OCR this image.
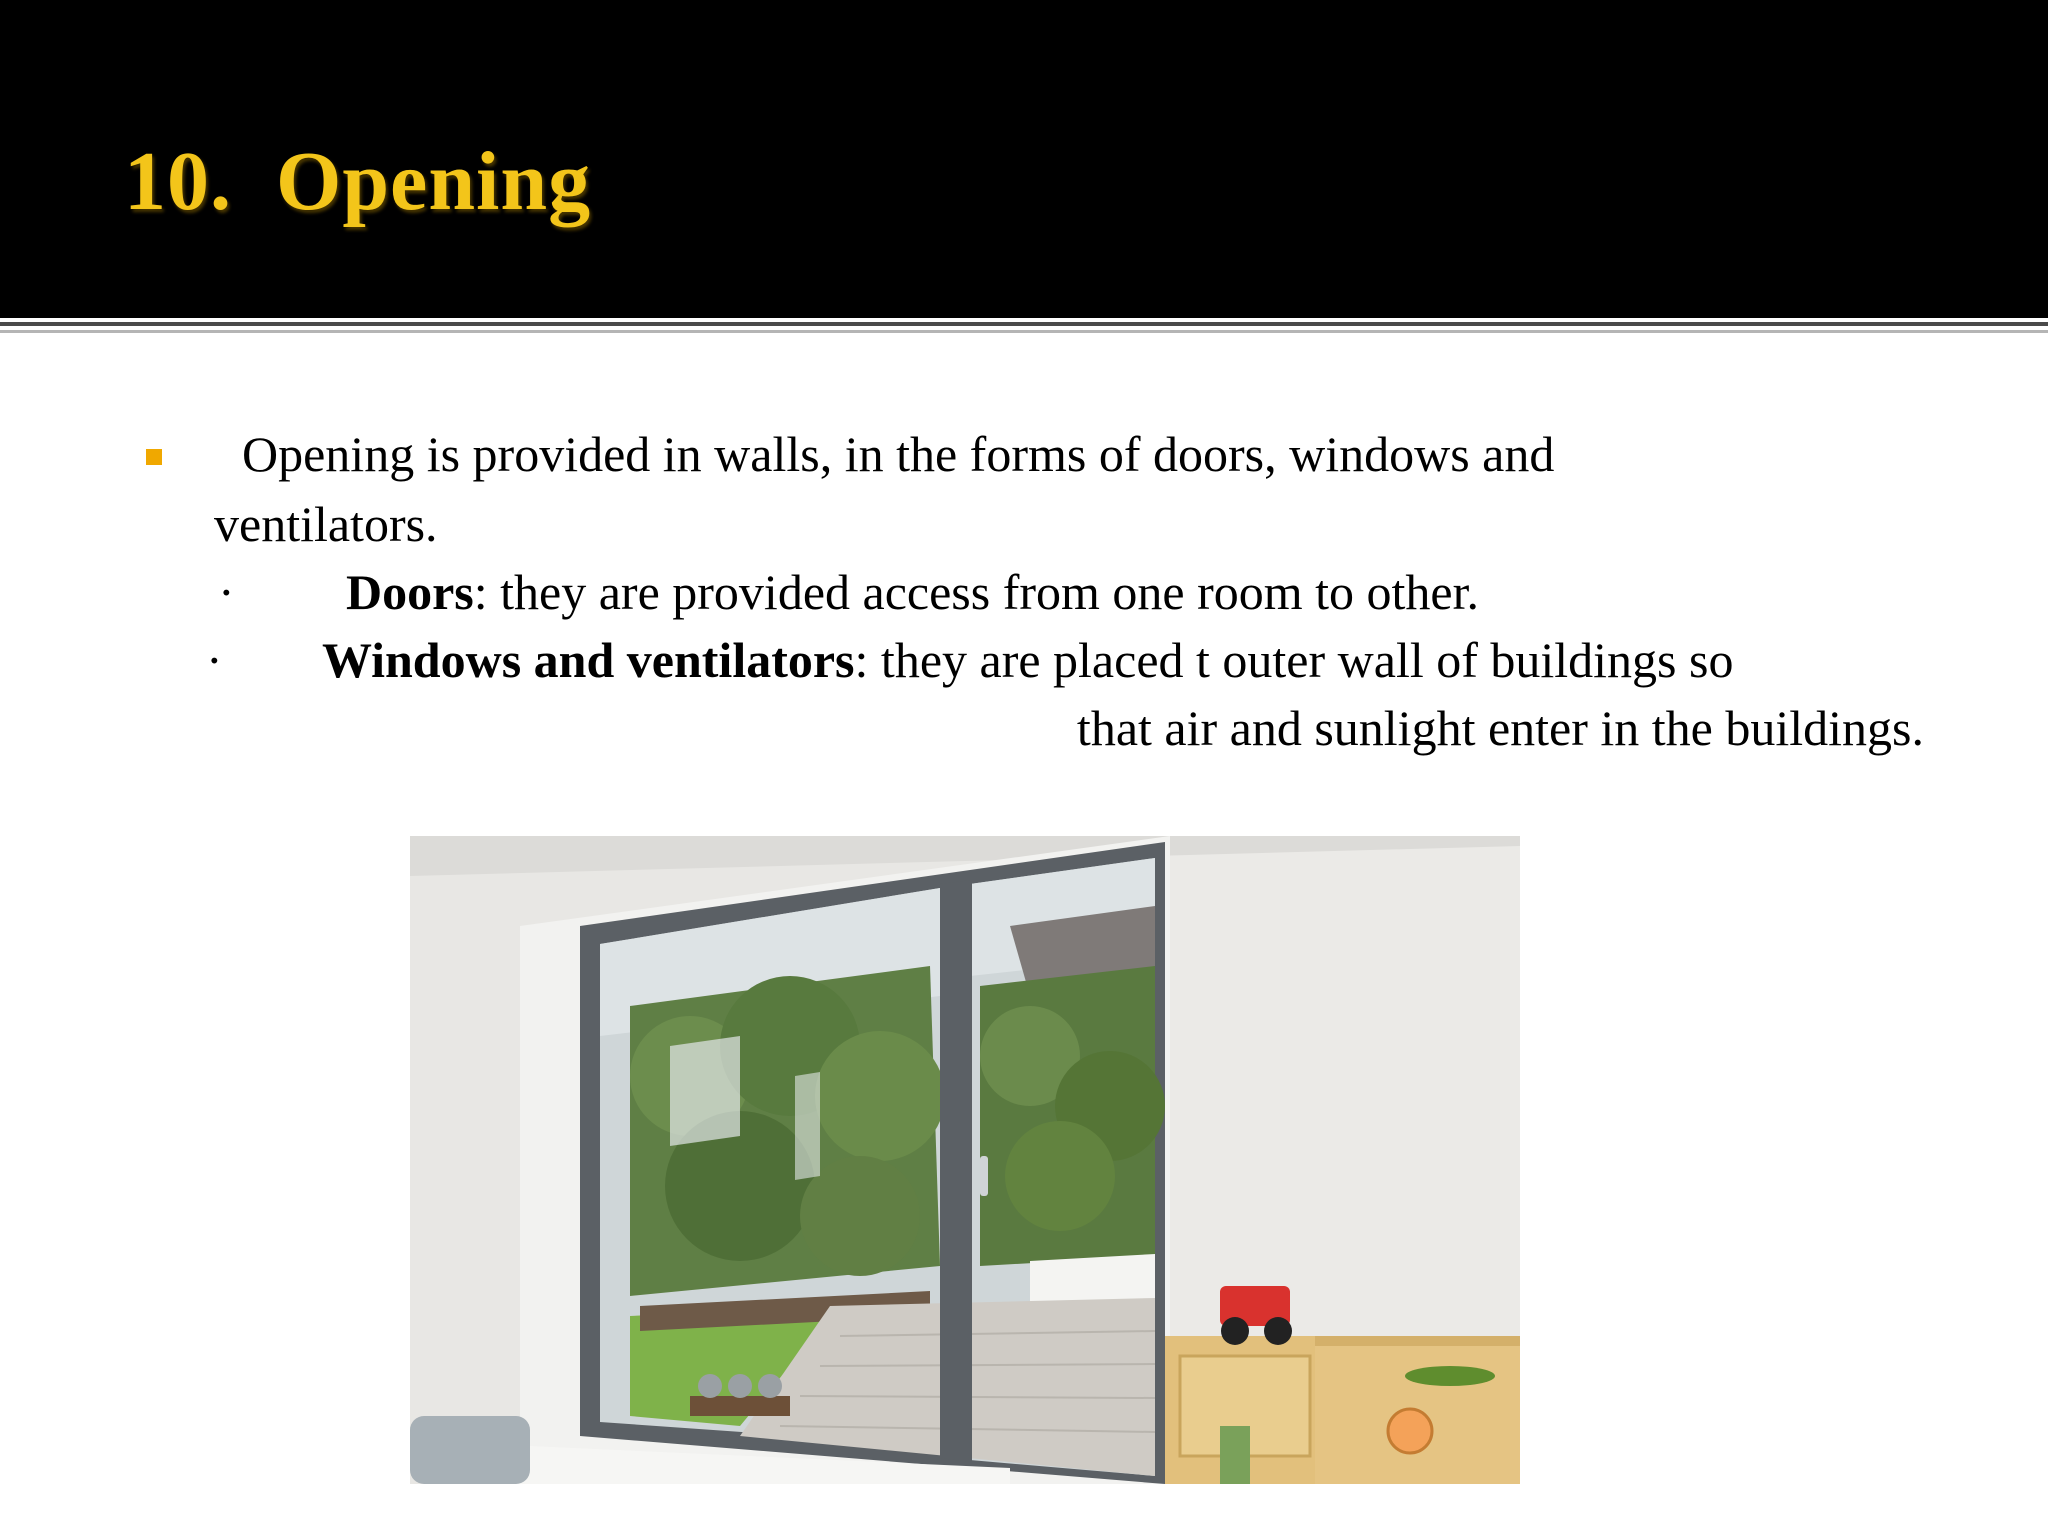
10.  Opening
Opening is provided in walls, in the forms of doors, windows and
ventilators.
· Doors: they are provided access from one room to other.
· Windows and ventilators: they are placed t outer wall of buildings so
that air and sunlight enter in the buildings.
